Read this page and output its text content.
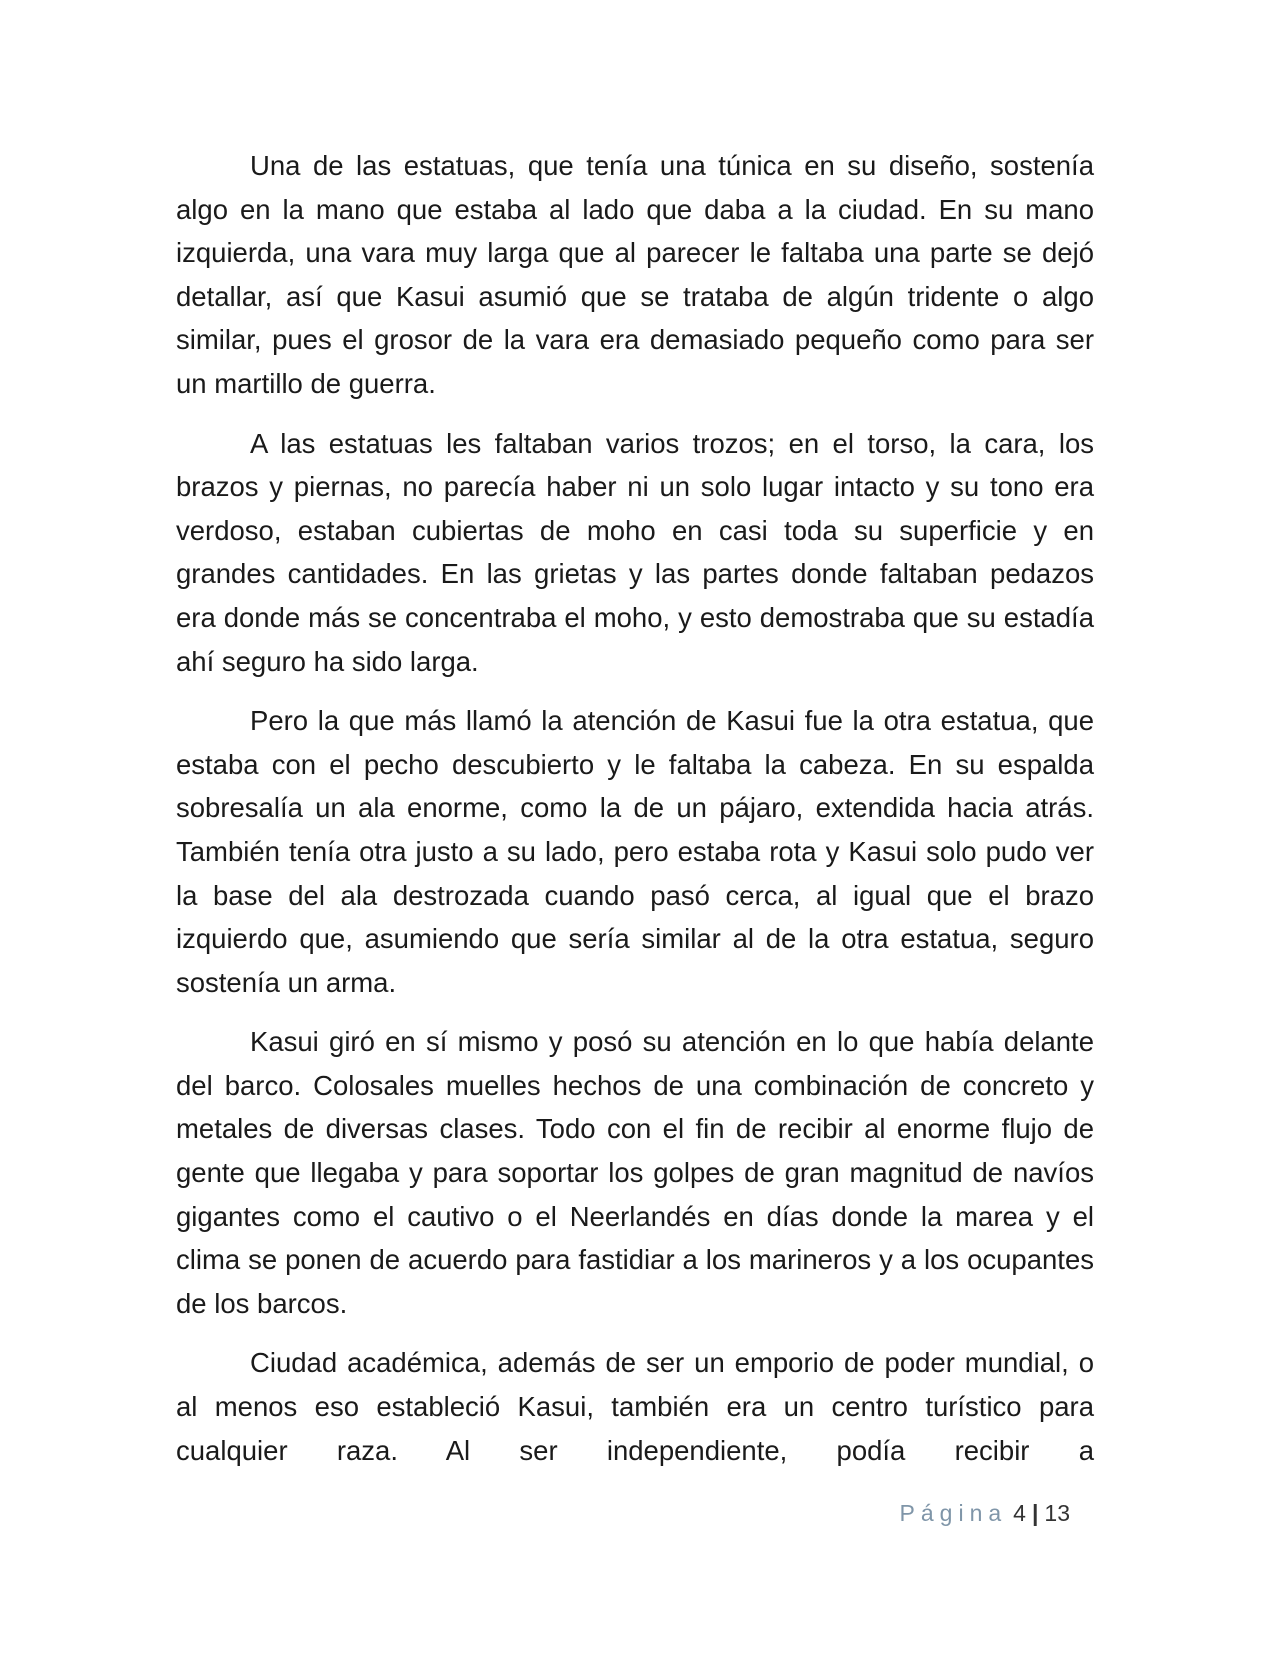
Una de las estatuas, que tenía una túnica en su diseño, sostenía algo en la mano que estaba al lado que daba a la ciudad. En su mano izquierda, una vara muy larga que al parecer le faltaba una parte se dejó detallar, así que Kasui asumió que se trataba de algún tridente o algo similar, pues el grosor de la vara era demasiado pequeño como para ser un martillo de guerra.

A las estatuas les faltaban varios trozos; en el torso, la cara, los brazos y piernas, no parecía haber ni un solo lugar intacto y su tono era verdoso, estaban cubiertas de moho en casi toda su superficie y en grandes cantidades. En las grietas y las partes donde faltaban pedazos era donde más se concentraba el moho, y esto demostraba que su estadía ahí seguro ha sido larga.

Pero la que más llamó la atención de Kasui fue la otra estatua, que estaba con el pecho descubierto y le faltaba la cabeza. En su espalda sobresalía un ala enorme, como la de un pájaro, extendida hacia atrás. También tenía otra justo a su lado, pero estaba rota y Kasui solo pudo ver la base del ala destrozada cuando pasó cerca, al igual que el brazo izquierdo que, asumiendo que sería similar al de la otra estatua, seguro sostenía un arma.

Kasui giró en sí mismo y posó su atención en lo que había delante del barco. Colosales muelles hechos de una combinación de concreto y metales de diversas clases. Todo con el fin de recibir al enorme flujo de gente que llegaba y para soportar los golpes de gran magnitud de navíos gigantes como el cautivo o el Neerlandés en días donde la marea y el clima se ponen de acuerdo para fastidiar a los marineros y a los ocupantes de los barcos.

Ciudad académica, además de ser un emporio de poder mundial, o al menos eso estableció Kasui, también era un centro turístico para cualquier raza. Al ser independiente, podía recibir a

Página 4 | 13
